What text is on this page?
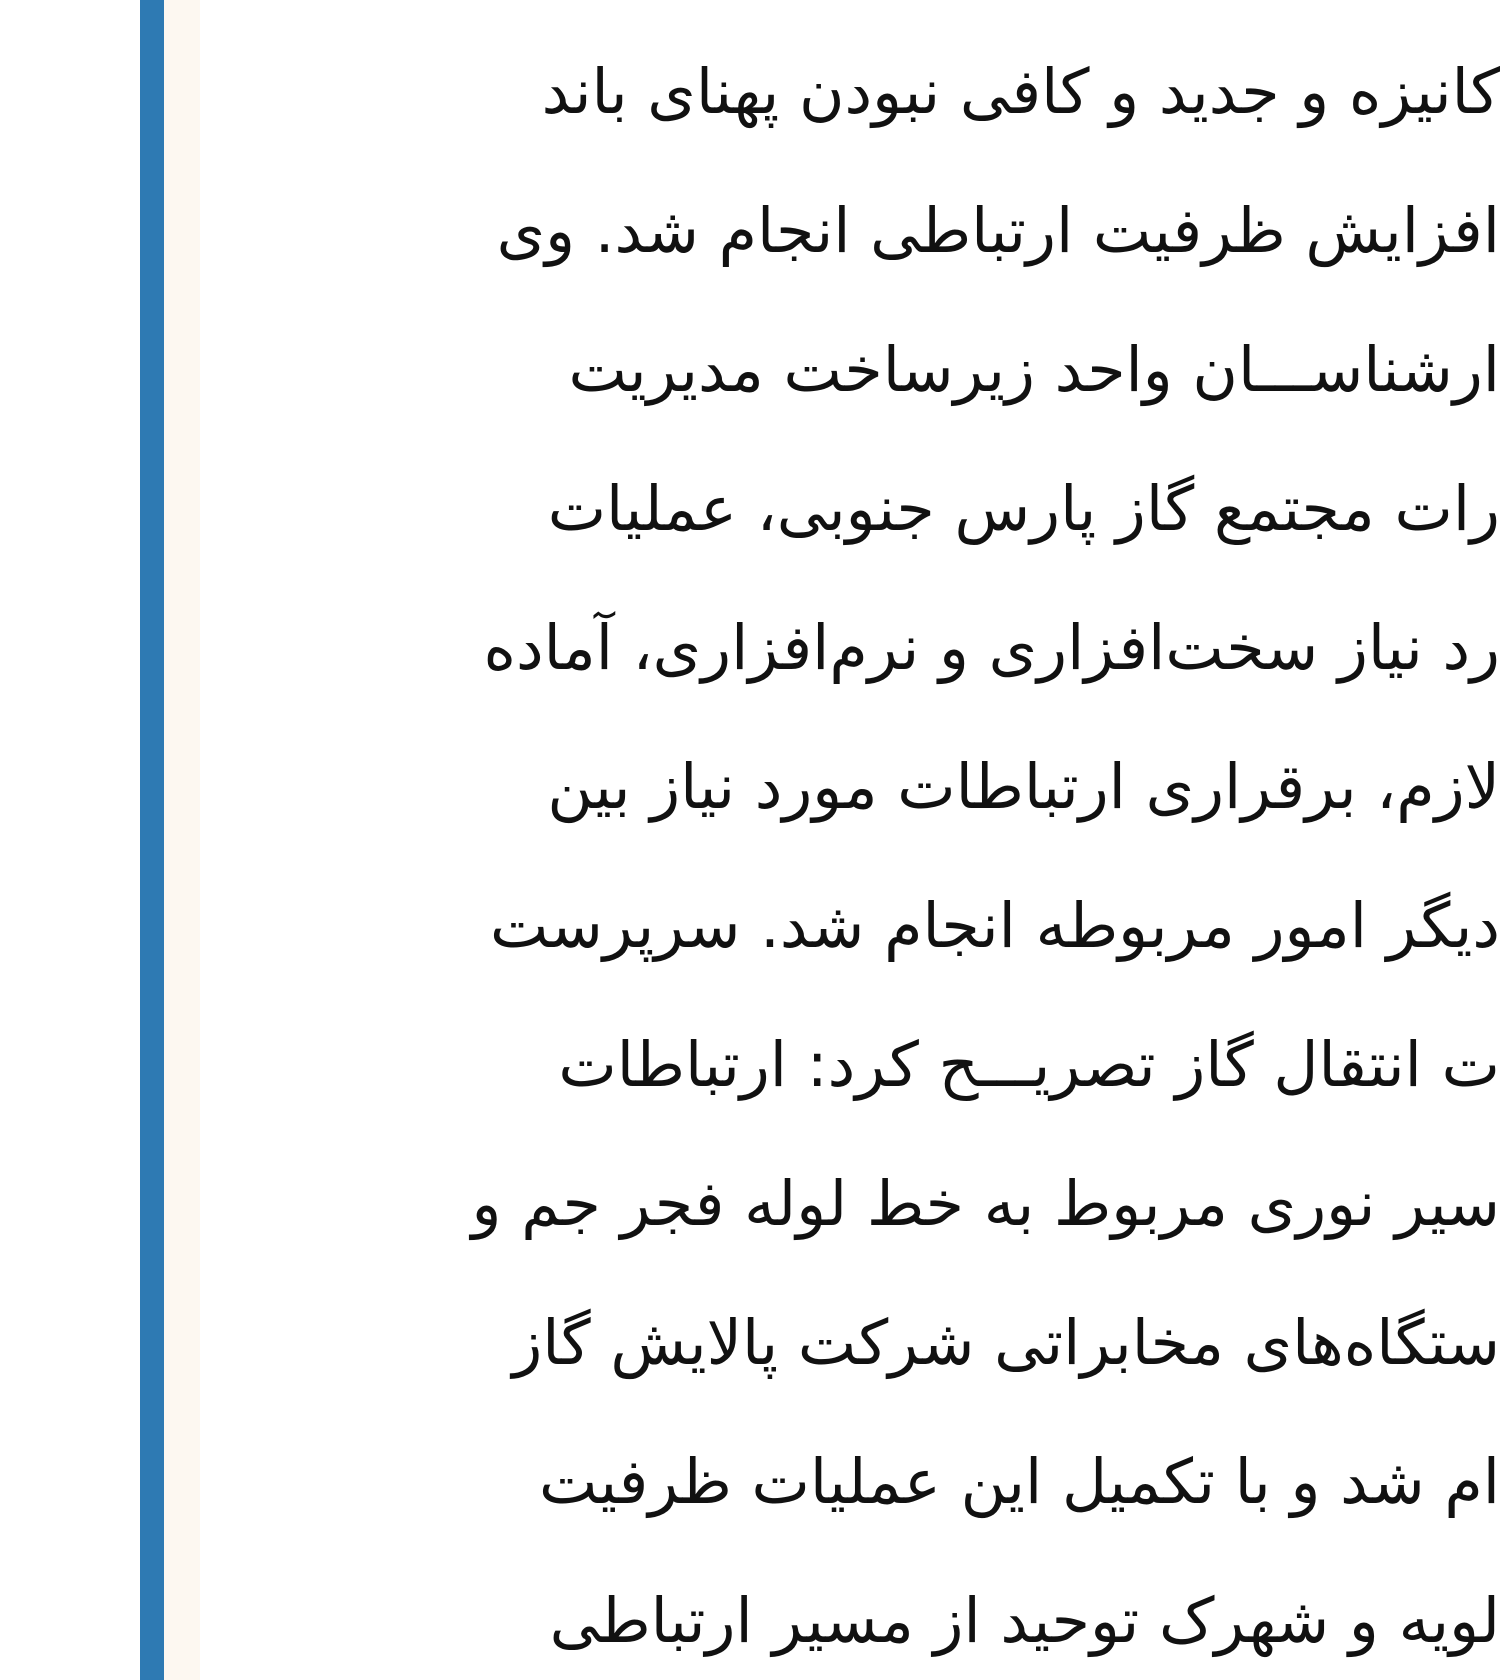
کانیزه و جدید و کافی نبودن پهنای باند
افزایش ظرفیت ارتباطی انجام شد. وی
ارشناســـان واحد زیرساخت مدیریت
رات مجتمع گاز پارس جنوبی، عملیات
رد نیاز سخت‌افزاری و نرم‌افزاری، آماده
لازم، برقراری ارتباطات مورد نیاز بین
دیگر امور مربوطه انجام شد. سرپرست
ت انتقال گاز تصریـــح کرد: ارتباطات
سیر نوری مربوط به خط لوله فجر جم و
ستگاه‌های مخابراتی شرکت پالایش گاز
ام شد و با تکمیل این عملیات ظرفیت
لویه و شهرک توحید از مسیر ارتباطی
